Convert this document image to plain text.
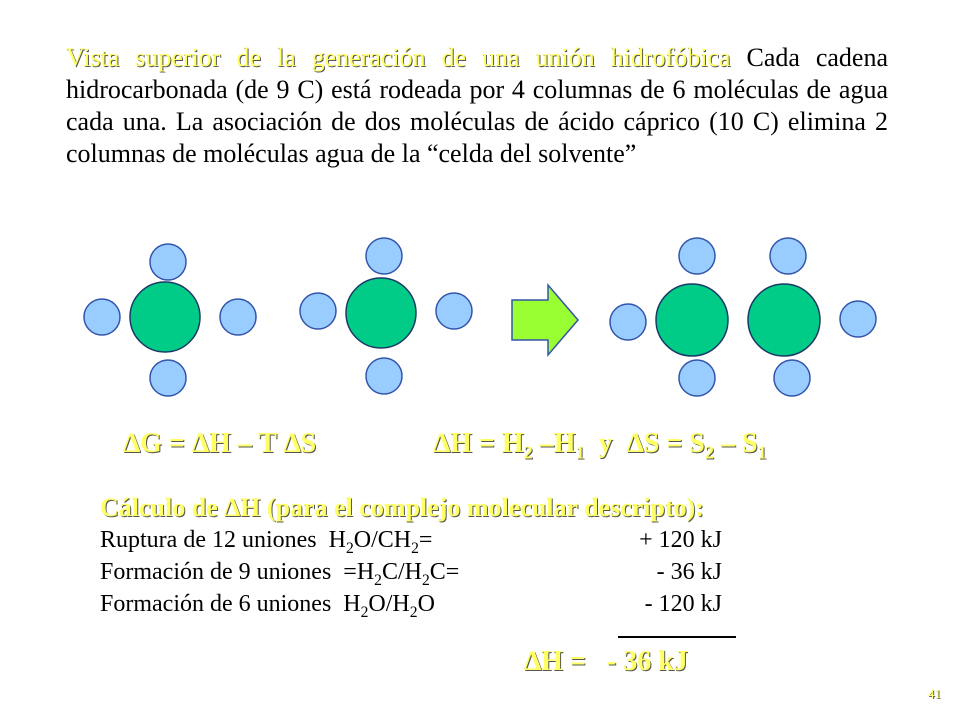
Vista superior de la generación de una unión hidrofóbica Cada cadena hidrocarbonada (de 9 C) está rodeada por 4 columnas de 6 moléculas de agua cada una. La asociación de dos moléculas de ácido cáprico (10 C) elimina 2 columnas de moléculas agua de la “celda del solvente”
∆G = ∆H – T ∆S	$\Delta H = H_2$ $-H_1$  y  $\Delta S = S_2 - S_1$
Cálculo de ∆H (para el complejo molecular descripto):
Ruptura de 12 uniones  $H_2O/CH_2=$	+ 120 kJ
Formación de 9 uniones  $=H_2C/H_2C=$	- 36 kJ
Formación de 6 uniones  $H_2O/H_2O$	- 120 kJ
∆H = - 36 kJ
41
